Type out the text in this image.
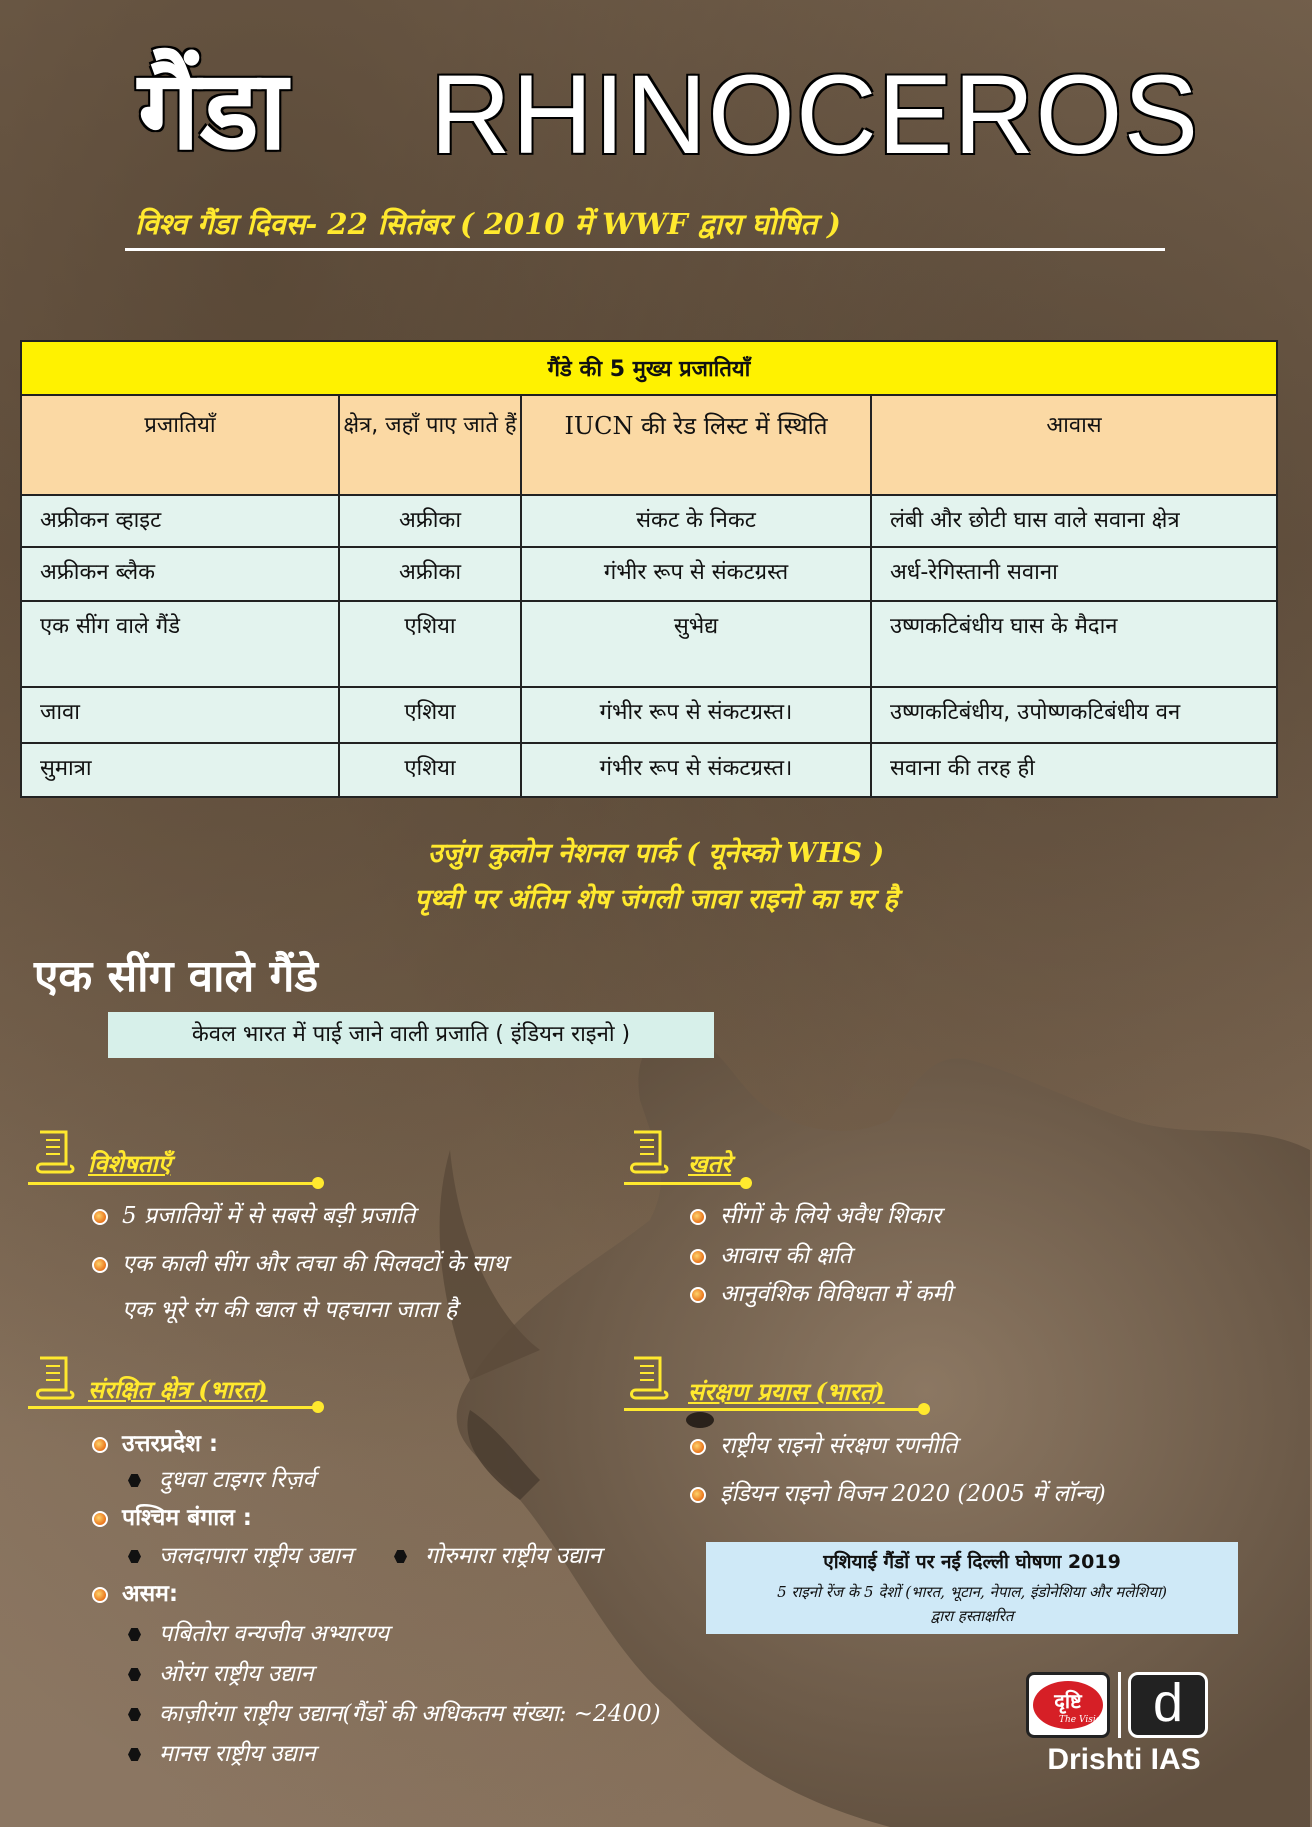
गैंडा	RHINOCEROS
विश्व गैंडा दिवस- 22 सितंबर ( 2010 में WWF द्वारा घोषित )
गैंडे की 5 मुख्य प्रजातियाँ			
प्रजातियाँ	क्षेत्र, जहाँ पाए जाते हैं	IUCN की रेड लिस्ट में स्थिति	आवास
अफ्रीकन व्हाइट	अफ्रीका	संकट के निकट	लंबी और छोटी घास वाले सवाना क्षेत्र
अफ्रीकन ब्लैक	अफ्रीका	गंभीर रूप से संकटग्रस्त	अर्ध-रेगिस्तानी सवाना
एक सींग वाले गैंडे	एशिया	सुभेद्य	उष्णकटिबंधीय घास के मैदान
जावा	एशिया	गंभीर रूप से संकटग्रस्त।	उष्णकटिबंधीय, उपोष्णकटिबंधीय वन
सुमात्रा	एशिया	गंभीर रूप से संकटग्रस्त।	सवाना की तरह ही
उजुंग कुलोन नेशनल पार्क ( यूनेस्को WHS )
पृथ्वी पर अंतिम शेष जंगली जावा राइनो का घर है
एक सींग वाले गैंडे
केवल भारत में पाई जाने वाली प्रजाति ( इंडियन राइनो )
विशेषताएँ
5 प्रजातियों में से सबसे बड़ी प्रजाति
एक काली सींग और त्वचा की सिलवटों के साथ
एक भूरे रंग की खाल से पहचाना जाता है
खतरे
सींगों के लिये अवैध शिकार
आवास की क्षति
आनुवंशिक विविधता में कमी
संरक्षित क्षेत्र (भारत)
उत्तरप्रदेश :
दुधवा टाइगर रिज़र्व
पश्चिम बंगाल :
जलदापारा राष्ट्रीय उद्यान	गोरुमारा राष्ट्रीय उद्यान
असम:
पबितोरा वन्यजीव अभ्यारण्य
ओरंग राष्ट्रीय उद्यान
काज़ीरंगा राष्ट्रीय उद्यान(गैंडों की अधिकतम संख्या: ~2400)
मानस राष्ट्रीय उद्यान
संरक्षण प्रयास (भारत)
राष्ट्रीय राइनो संरक्षण रणनीति
इंडियन राइनो विजन 2020 (2005 में लॉन्च)
एशियाई गैंडों पर नई दिल्ली घोषणा 2019
5 राइनो रेंज के 5 देशों (भारत, भूटान, नेपाल, इंडोनेशिया और मलेशिया)
द्वारा हस्ताक्षरित
दृष्टि
The Vision d
Drishti IAS
